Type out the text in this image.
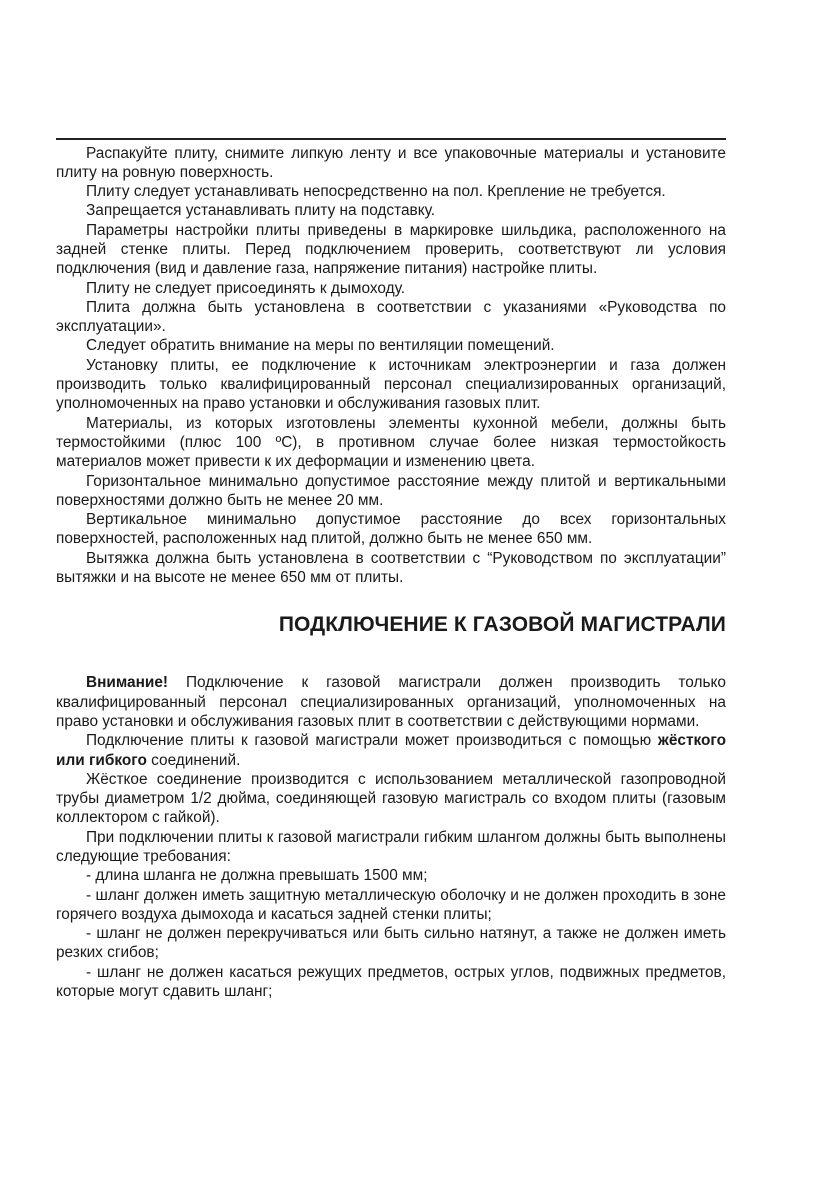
Распакуйте плиту, снимите липкую ленту и все упаковочные материалы и установите плиту на ровную поверхность.

Плиту следует устанавливать непосредственно на пол. Крепление не требуется.

Запрещается устанавливать плиту на подставку.

Параметры настройки плиты приведены в маркировке шильдика, расположенного на задней стенке плиты. Перед подключением проверить, соответствуют ли условия подключения (вид и давление газа, напряжение питания) настройке плиты.

Плиту не следует присоединять к дымоходу.

Плита должна быть установлена в соответствии с указаниями «Руководства по эксплуатации».

Следует обратить внимание на меры по вентиляции помещений.

Установку плиты, ее подключение к источникам электроэнергии и газа должен производить только квалифицированный персонал специализированных организаций, уполномоченных на право установки и обслуживания газовых плит.

Материалы, из которых изготовлены элементы кухонной мебели, должны быть термостойкими (плюс 100 ºС), в противном случае более низкая термостойкость материалов может привести к их деформации и изменению цвета.

Горизонтальное минимально допустимое расстояние между плитой и вертикальными поверхностями должно быть не менее 20 мм.

Вертикальное минимально допустимое расстояние до всех горизонтальных поверхностей, расположенных над плитой, должно быть не менее 650 мм.

Вытяжка должна быть установлена в соответствии с “Руководством по эксплуатации” вытяжки и на высоте не менее 650 мм от плиты.

ПОДКЛЮЧЕНИЕ К ГАЗОВОЙ МАГИСТРАЛИ

Внимание! Подключение к газовой магистрали должен производить только квалифицированный персонал специализированных организаций, уполномоченных на право установки и обслуживания газовых плит в соответствии с действующими нормами.

Подключение плиты к газовой магистрали может производиться с помощью жёсткого или гибкого соединений.

Жёсткое соединение производится с использованием металлической газопроводной трубы диаметром 1/2 дюйма, соединяющей газовую магистраль со входом плиты (газовым коллектором с гайкой).

При подключении плиты к газовой магистрали гибким шлангом должны быть выполнены следующие требования:

- длина шланга не должна превышать 1500 мм;

- шланг должен иметь защитную металлическую оболочку и не должен проходить в зоне горячего воздуха дымохода и касаться задней стенки плиты;

- шланг не должен перекручиваться или быть сильно натянут, а также не должен иметь резких сгибов;

- шланг не должен касаться режущих предметов, острых углов, подвижных предметов, которые могут сдавить шланг;
